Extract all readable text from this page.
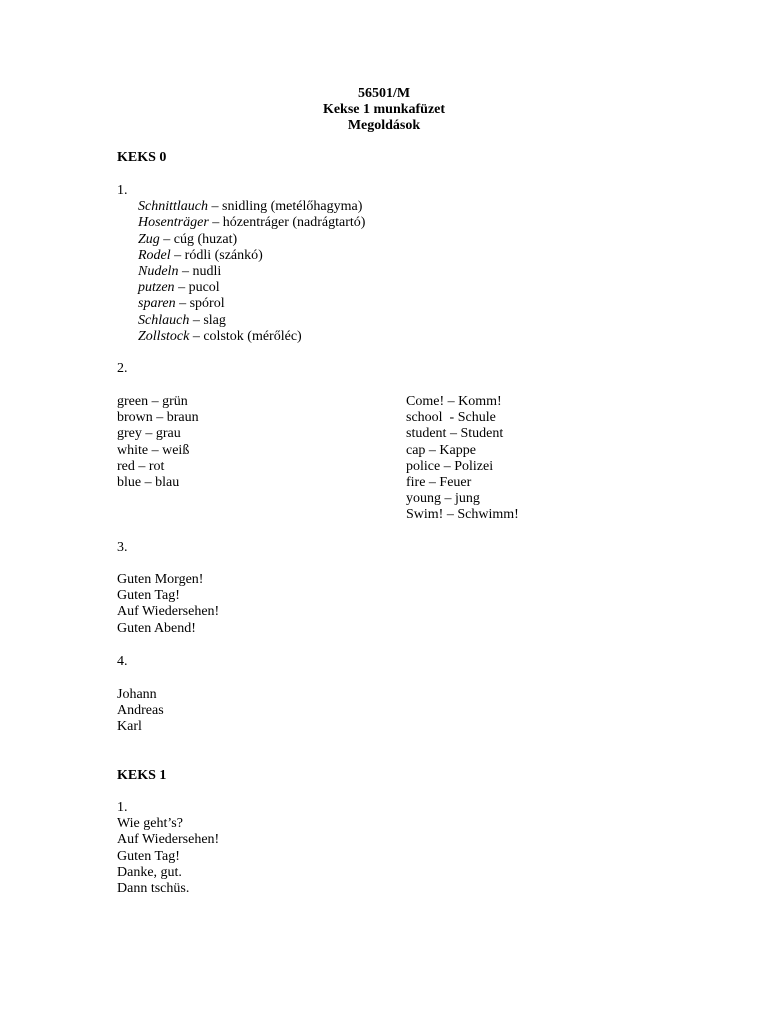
56501/M
Kekse 1 munkafüzet
Megoldások
KEKS 0
1.
Schnittlauch – snidling (metélőhagyma)
Hosenträger – hózentráger (nadrágtartó)
Zug – cúg (huzat)
Rodel – ródli (szánkó)
Nudeln – nudli
putzen – pucol
sparen – spórol
Schlauch – slag
Zollstock – colstok (mérőléc)
2.
green – grün
brown – braun
grey – grau
white – weiß
red – rot
blue – blau
Come! – Komm!
school  - Schule
student – Student
cap – Kappe
police – Polizei
fire – Feuer
young – jung
Swim! – Schwimm!
3.
Guten Morgen!
Guten Tag!
Auf Wiedersehen!
Guten Abend!
4.
Johann
Andreas
Karl
KEKS 1
1.
Wie geht’s?
Auf Wiedersehen!
Guten Tag!
Danke, gut.
Dann tschüs.
